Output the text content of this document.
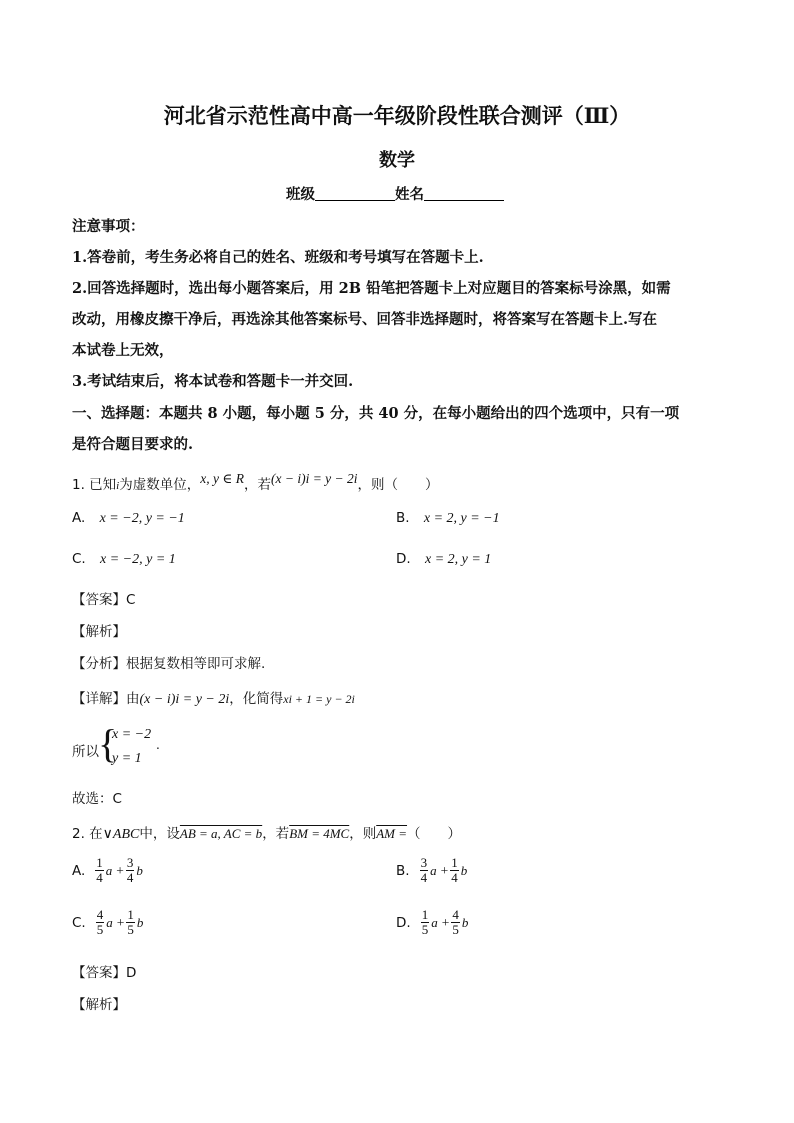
河北省示范性高中高一年级阶段性联合测评（Ⅲ）
数学
班级	姓名
注意事项：
1.答卷前，考生务必将自己的姓名、班级和考号填写在答题卡上.
2.回答选择题时，选出每小题答案后，用 2B 铅笔把答题卡上对应题目的答案标号涂黑，如需
改动，用橡皮擦干净后，再选涂其他答案标号、回答非选择题时，将答案写在答题卡上.写在
本试卷上无效，
3.考试结束后，将本试卷和答题卡一并交回.
一、选择题：本题共 8 小题，每小题 5 分，共 40 分，在每小题给出的四个选项中，只有一项
是符合题目要求的.
1. 已知i为虚数单位，x, y ∈ R，若(x − i)i = y − 2i，则（　　）
A. x = −2, y = −1	B. x = 2, y = −1
C. x = −2, y = 1	D. x = 2, y = 1
【答案】C
【解析】
【分析】根据复数相等即可求解.
【详解】由(x − i)i = y − 2i，化简得xi + 1 = y − 2i
所以 {
x = −2
y = 1
.
故选：C
2. 在∨ABC中，设AB = a, AC = b，若BM = 4MC，则AM =（　　）
A. $\frac{1}{4}$ $a + \frac{3}{4}$ b	B. $\frac{3}{4}$ $a + \frac{1}{4}$ b
C. $\frac{4}{5}$ $a + \frac{1}{5}$ b	D. $\frac{1}{5}$ $a + \frac{4}{5}$ b
【答案】D
【解析】
